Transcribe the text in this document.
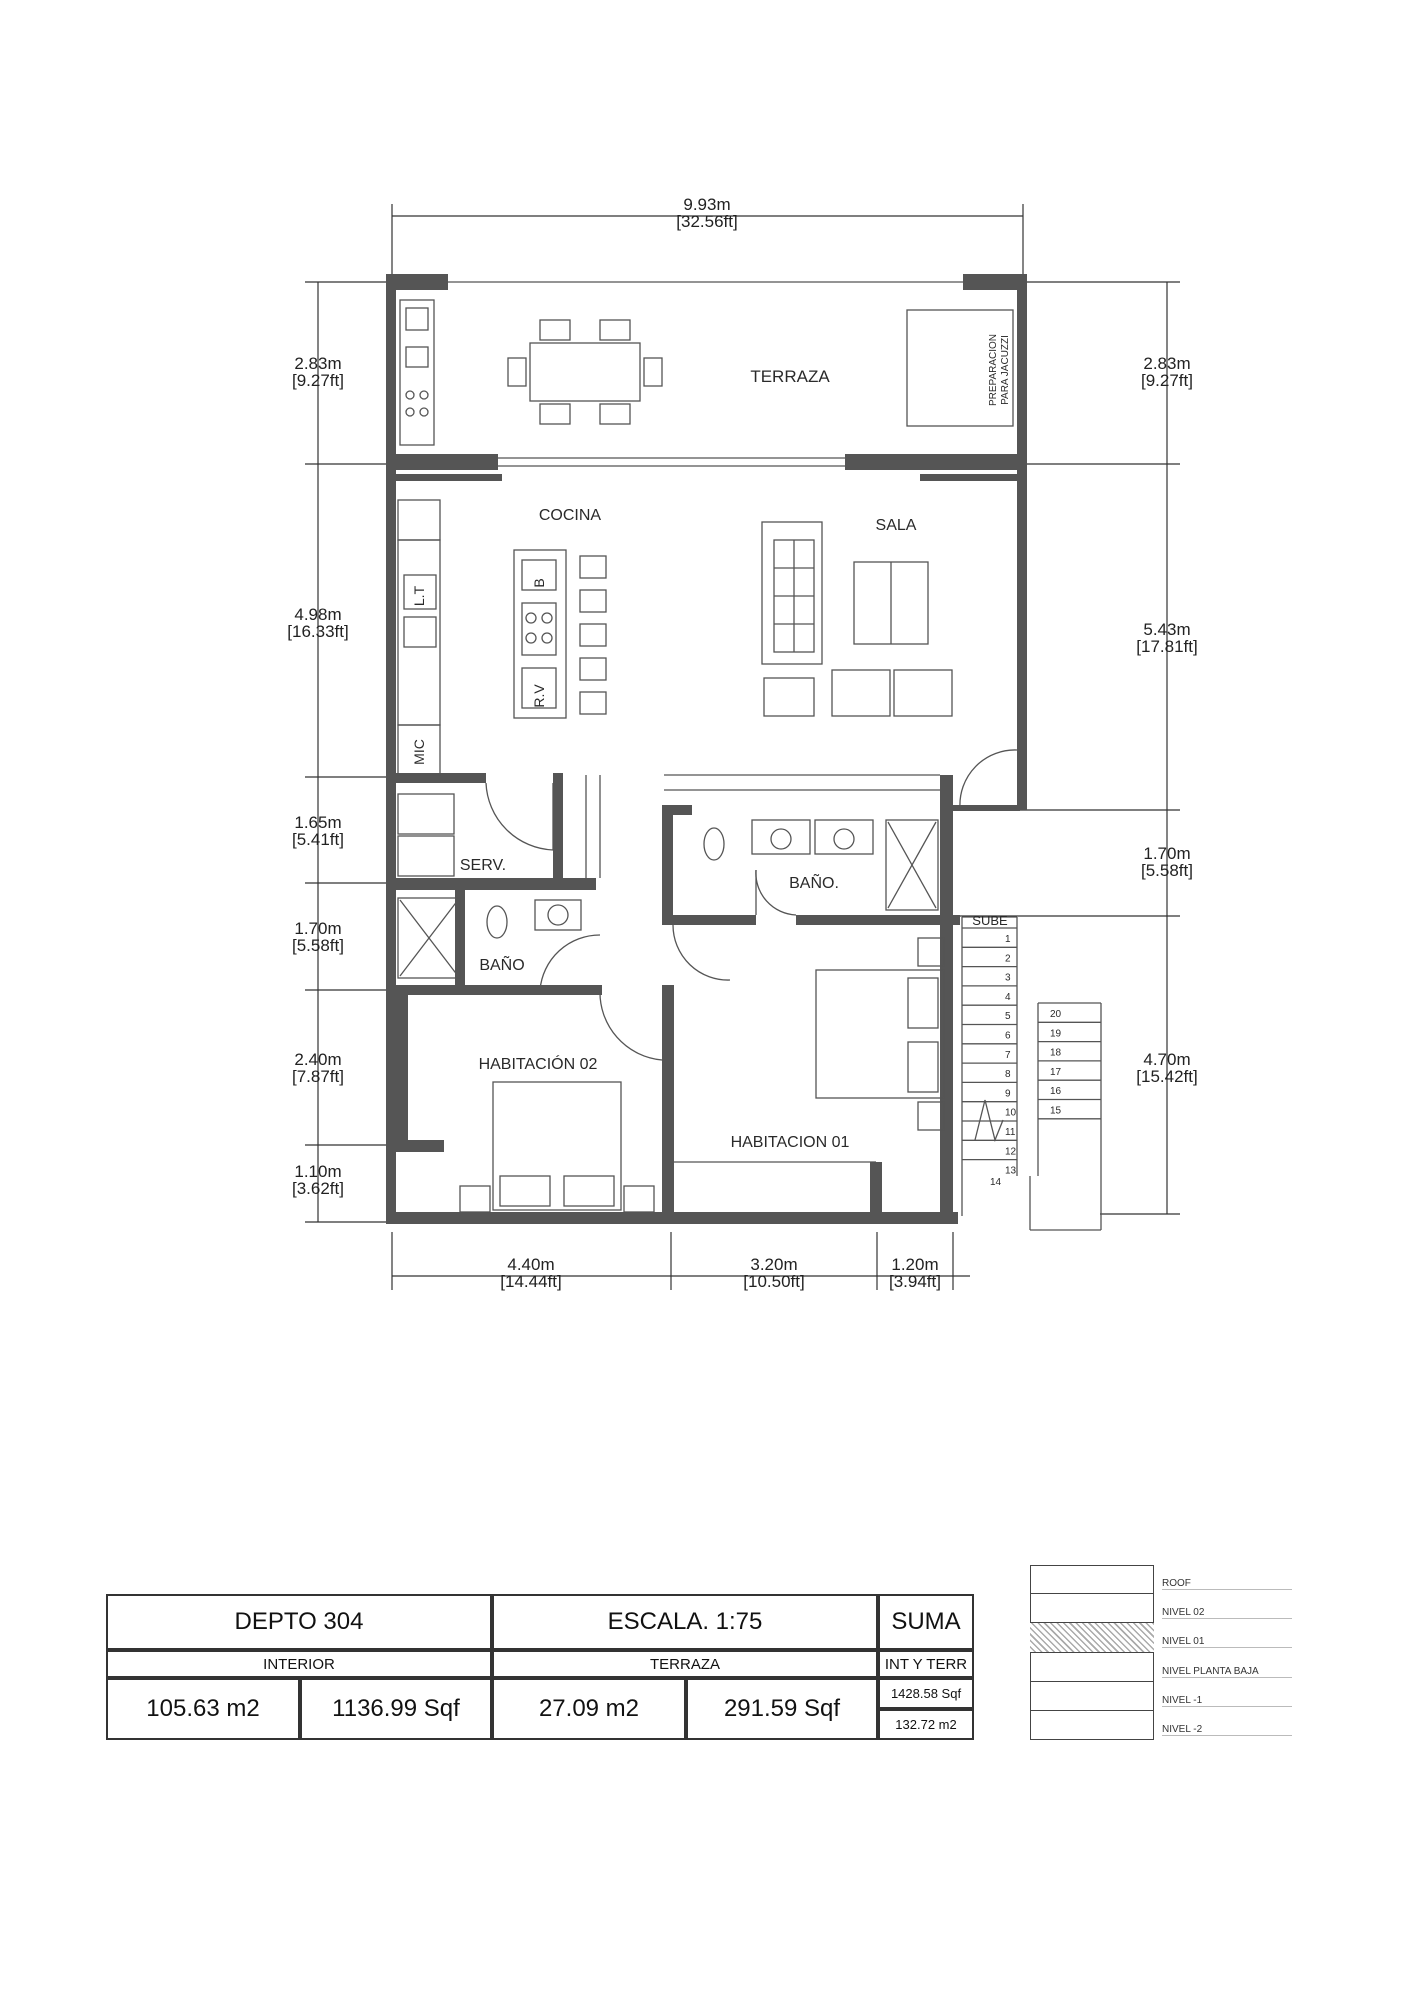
9.93m
[32.56ft]
2.83m
[9.27ft]
4.98m
[16.33ft]
1.65m
[5.41ft]
1.70m
[5.58ft]
2.40m
[7.87ft]
1.10m
[3.62ft]
2.83m
[9.27ft]
5.43m
[17.81ft]
1.70m
[5.58ft]
4.70m
[15.42ft]
4.40m
[14.44ft]
3.20m
[10.50ft]
1.20m
[3.94ft]
1
2
3
4
5
6
7
8
9
10
11
12
13
20
19
18
17
16
15
14
TERRAZA	PREPARACION PARA JACUZZI
COCINA
SALA
SERV.
BAÑO
BAÑO.
HABITACIÓN 02
HABITACION 01
SUBE
L.T
B
R.V
MIC
DEPTO 304	ESCALA. 1:75	SUMA
INTERIOR	TERRAZA	INT Y TERR
105.63 m2	1136.99 Sqf	27.09 m2	291.59 Sqf
1428.58 Sqf
132.72 m2
ROOF
NIVEL 02
NIVEL 01
NIVEL PLANTA BAJA
NIVEL -1
NIVEL -2
